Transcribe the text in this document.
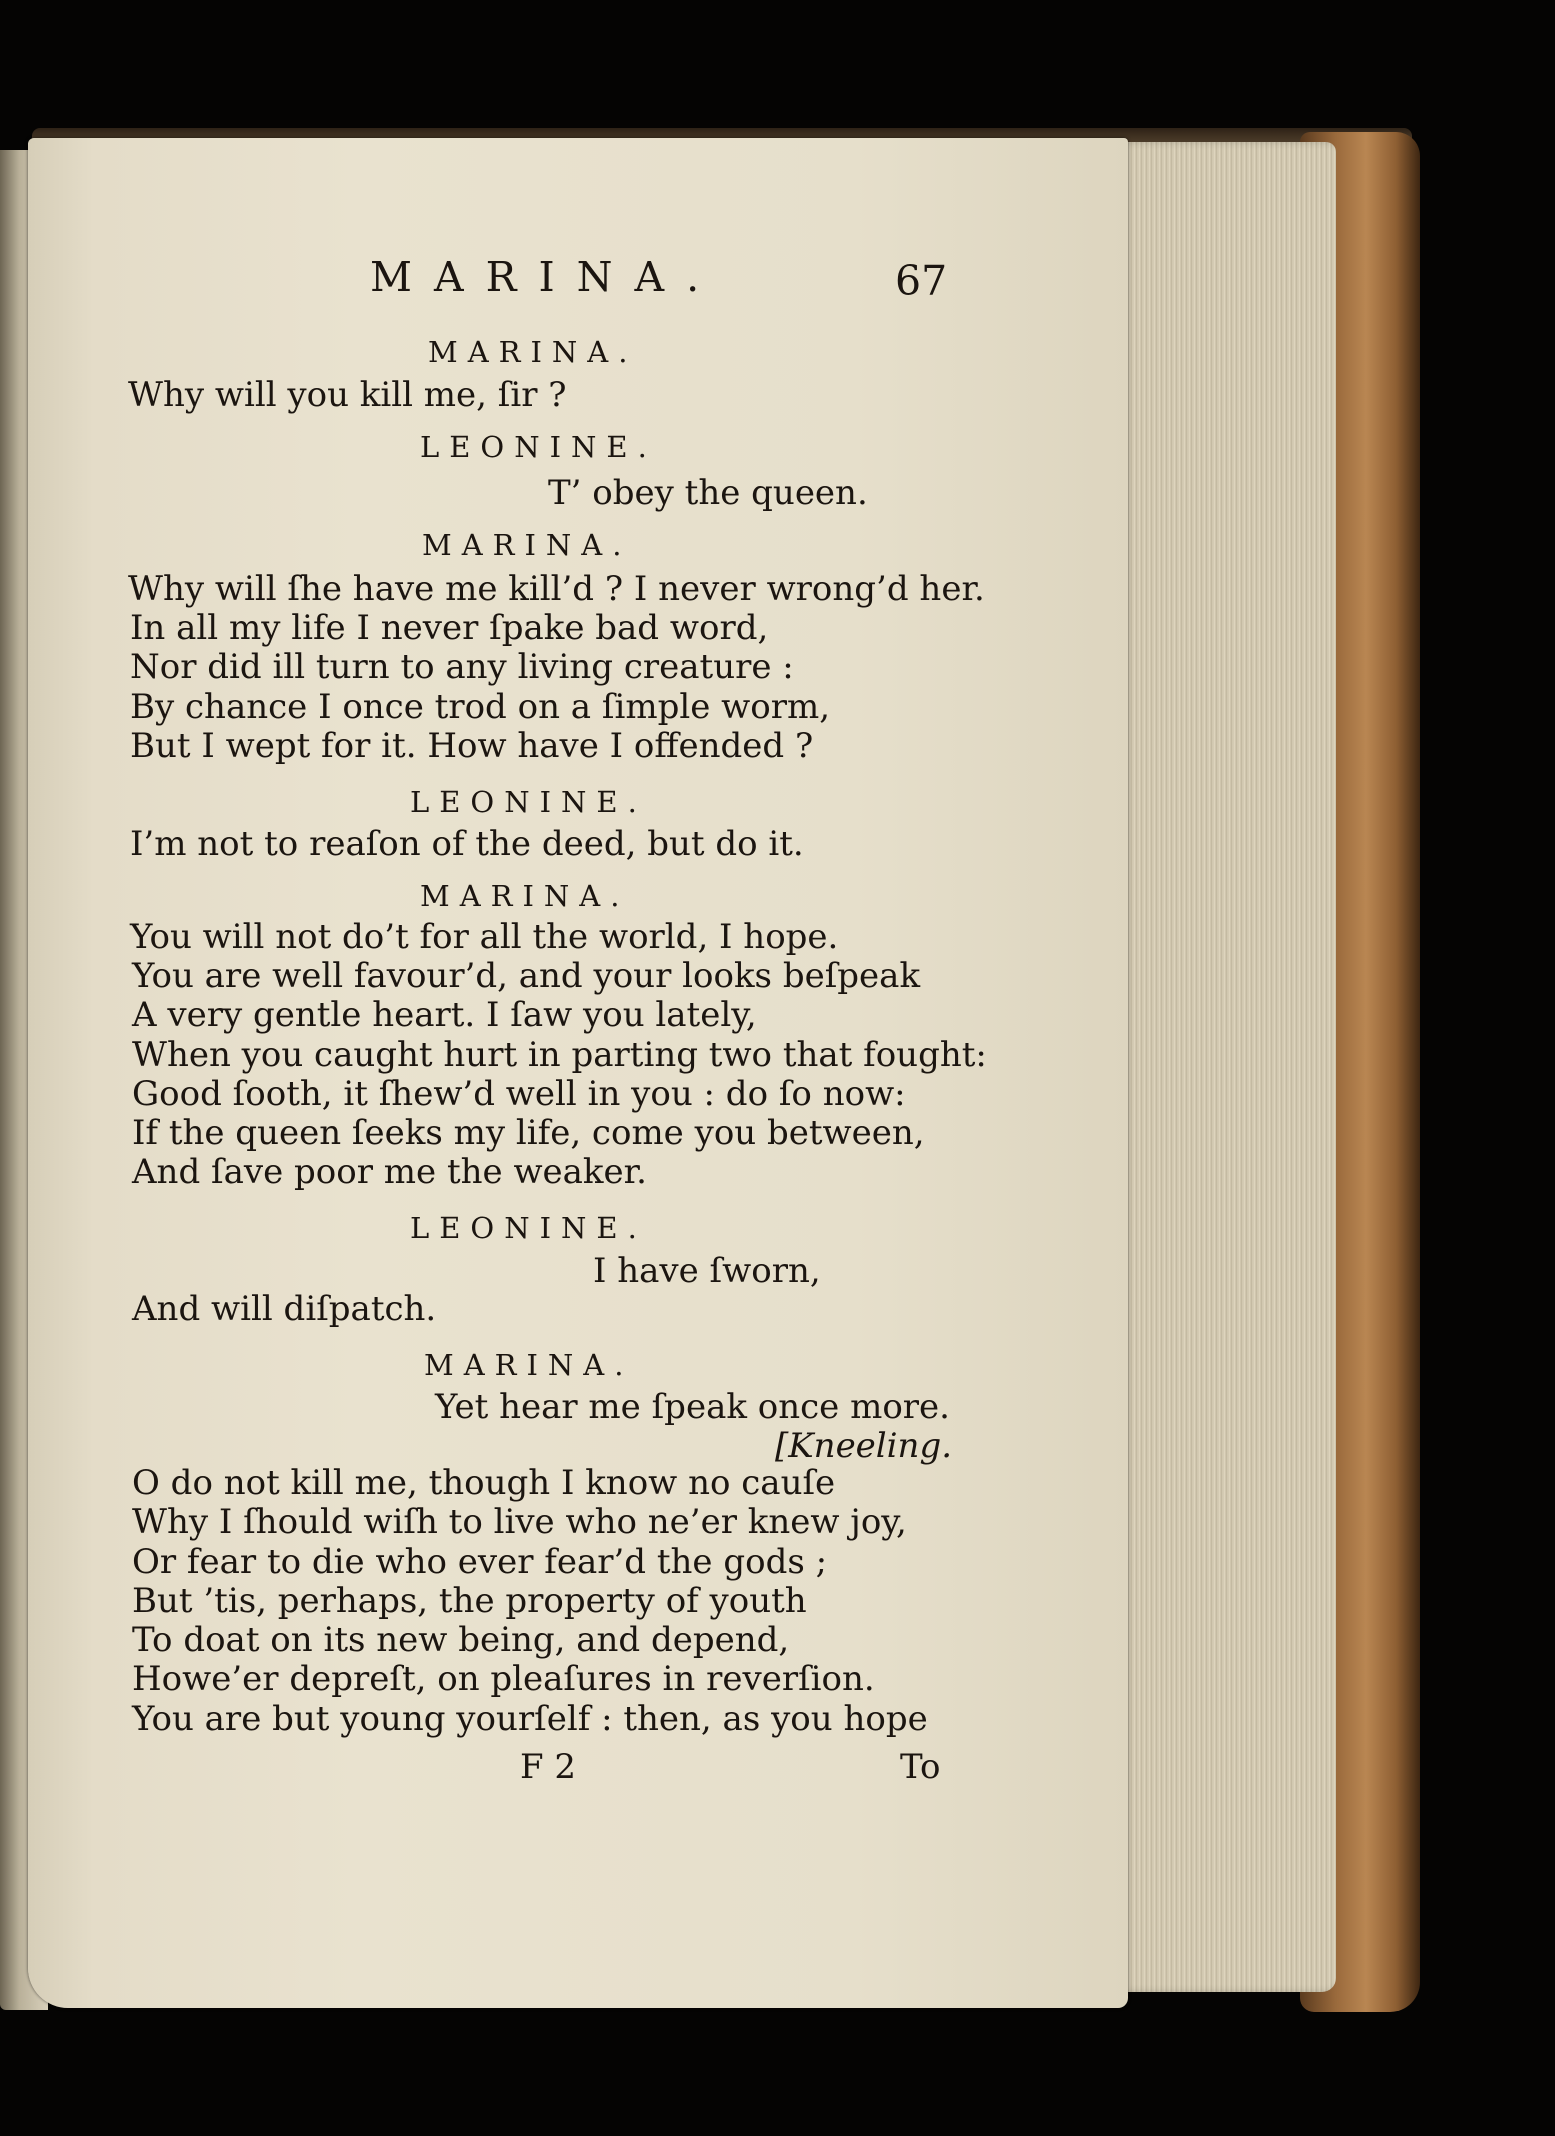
MARINA.	67

MARINA.

Why will you kill me, ſir ?

LEONINE.

T’ obey the queen.

MARINA.

Why will ſhe have me kill’d ? I never wrong’d her.

In all my life I never ſpake bad word,

Nor did ill turn to any living creature :

By chance I once trod on a ſimple worm,

But I wept for it. How have I offended ?

LEONINE.

I’m not to reaſon of the deed, but do it.

MARINA.

You will not do’t for all the world, I hope.

You are well favour’d, and your looks beſpeak

A very gentle heart. I ſaw you lately,

When you caught hurt in parting two that fought:

Good ſooth, it ſhew’d well in you : do ſo now:

If the queen ſeeks my life, come you between,

And ſave poor me the weaker.

LEONINE.

I have ſworn,

And will diſpatch.

MARINA.

Yet hear me ſpeak once more.

[Kneeling.

O do not kill me, though I know no cauſe

Why I ſhould wiſh to live who ne’er knew joy,

Or fear to die who ever fear’d the gods ;

But ’tis, perhaps, the property of youth

To doat on its new being, and depend,

Howe’er depreſt, on pleaſures in reverſion.

You are but young yourſelf : then, as you hope

F 2	To
